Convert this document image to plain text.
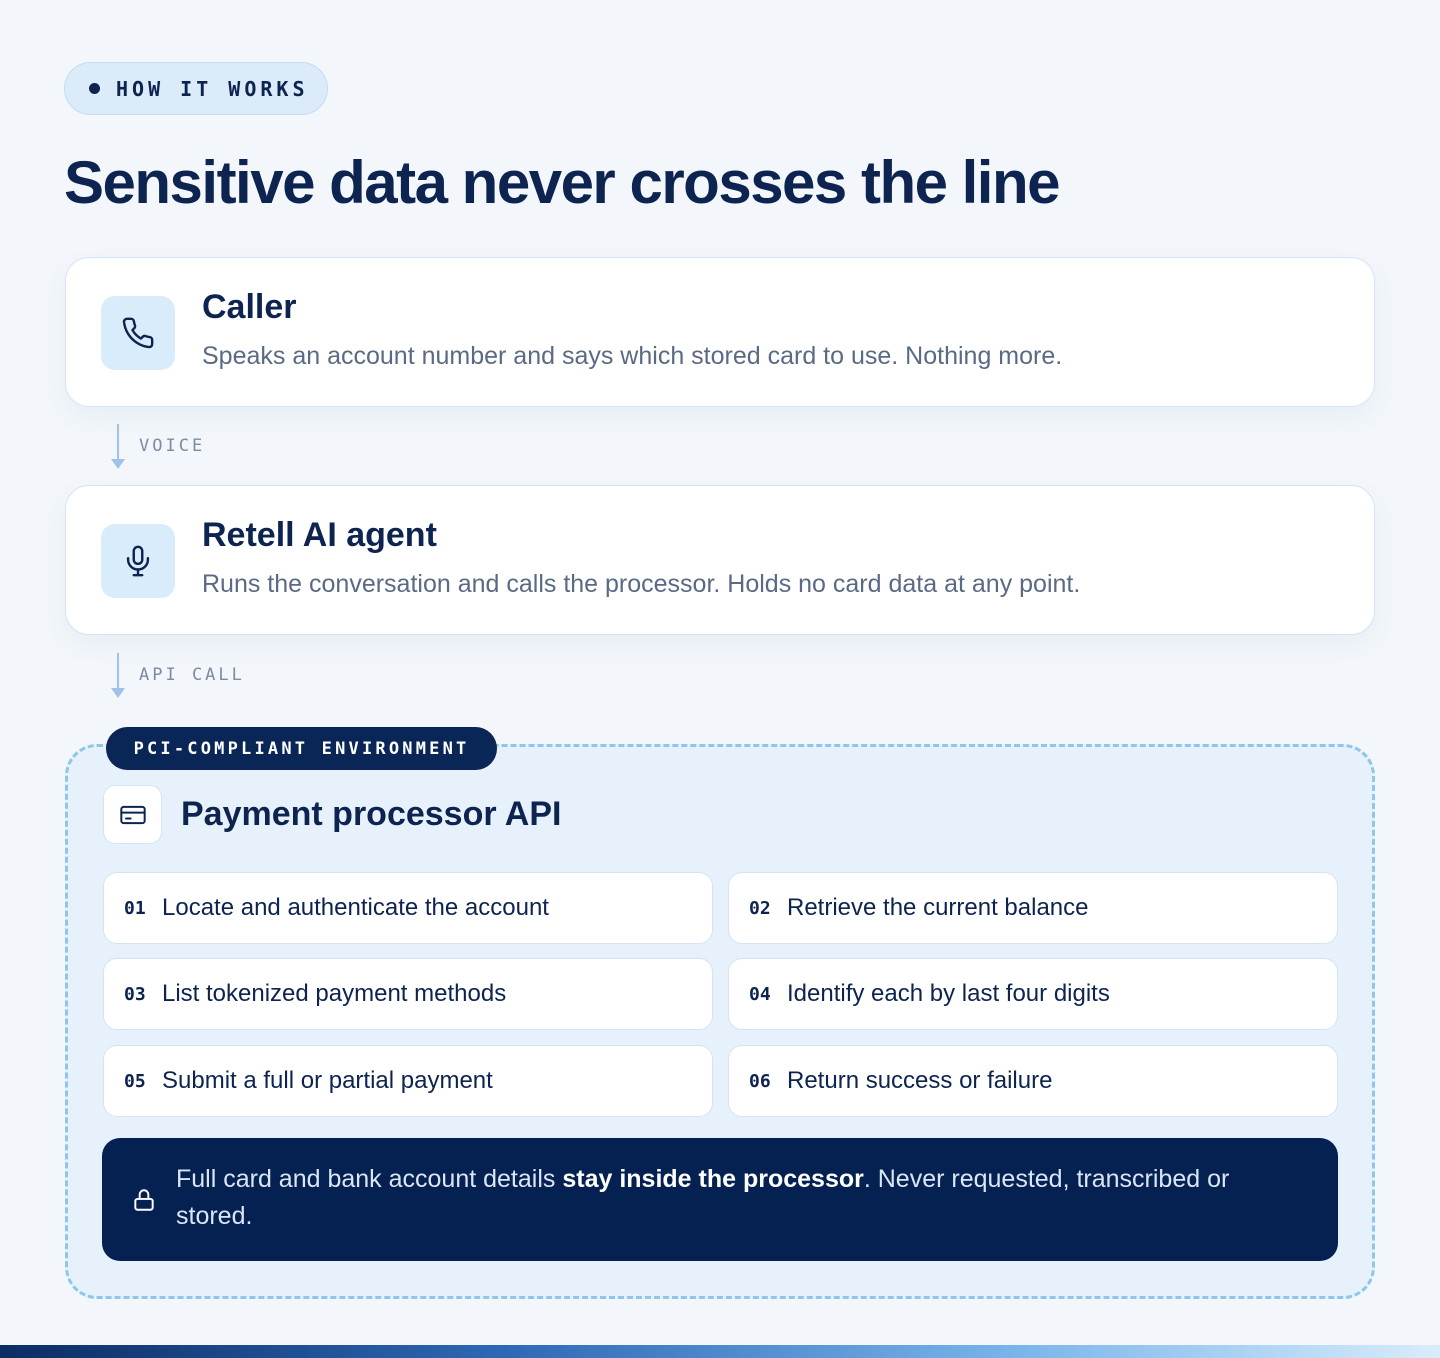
HOW IT WORKS
Sensitive data never crosses the line
Caller
Speaks an account number and says which stored card to use. Nothing more.
VOICE
Retell AI agent
Runs the conversation and calls the processor. Holds no card data at any point.
API CALL
PCI-COMPLIANT ENVIRONMENT
Payment processor API
01 Locate and authenticate the account	02 Retrieve the current balance
03 List tokenized payment methods	04 Identify each by last four digits
05 Submit a full or partial payment	06 Return success or failure

Full card and bank account details stay inside the processor. Never requested, transcribed or stored.
